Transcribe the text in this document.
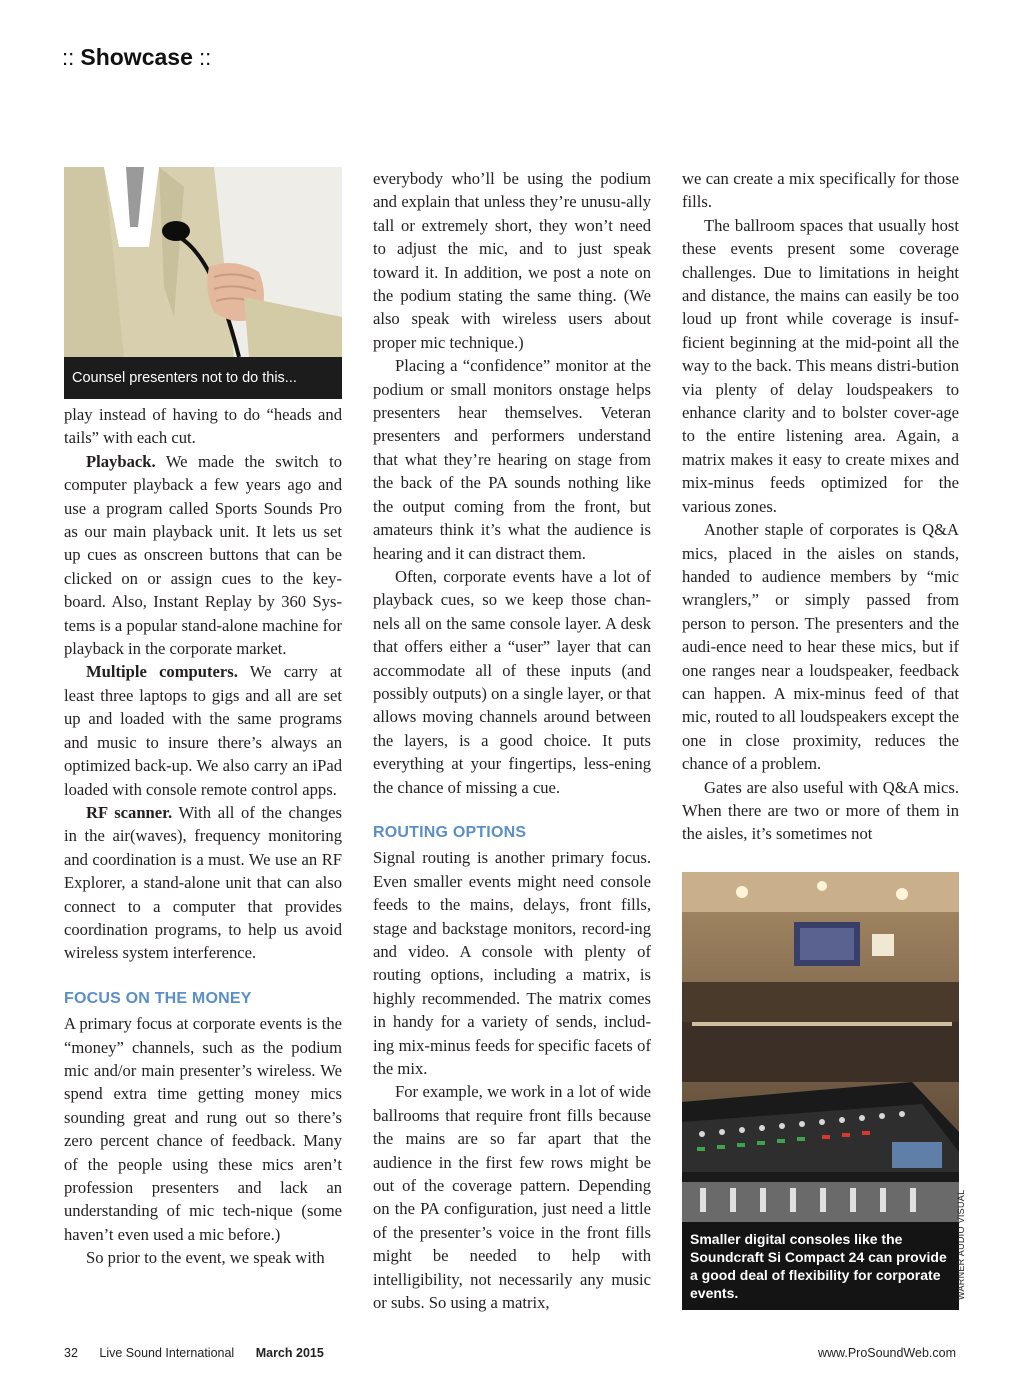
:: Showcase ::
Counsel presenters not to do this...

play instead of having to do “heads and tails” with each cut.

Playback. We made the switch to computer playback a few years ago and use a program called Sports Sounds Pro as our main playback unit. It lets us set up cues as onscreen buttons that can be clicked on or assign cues to the key-board. Also, Instant Replay by 360 Sys-tems is a popular stand-alone machine for playback in the corporate market.

Multiple computers. We carry at least three laptops to gigs and all are set up and loaded with the same programs and music to insure there’s always an optimized back-up. We also carry an iPad loaded with console remote control apps.

RF scanner. With all of the changes in the air(waves), frequency monitoring and coordination is a must. We use an RF Explorer, a stand-alone unit that can also connect to a computer that provides coordination programs, to help us avoid wireless system interference.

FOCUS ON THE MONEY

A primary focus at corporate events is the “money” channels, such as the podium mic and/or main presenter’s wireless. We spend extra time getting money mics sounding great and rung out so there’s zero percent chance of feedback. Many of the people using these mics aren’t profession presenters and lack an understanding of mic tech-nique (some haven’t even used a mic before.)

So prior to the event, we speak with

everybody who’ll be using the podium and explain that unless they’re unusu-ally tall or extremely short, they won’t need to adjust the mic, and to just speak toward it. In addition, we post a note on the podium stating the same thing. (We also speak with wireless users about proper mic technique.)

Placing a “confidence” monitor at the podium or small monitors onstage helps presenters hear themselves. Veteran presenters and performers understand that what they’re hearing on stage from the back of the PA sounds nothing like the output coming from the front, but amateurs think it’s what the audience is hearing and it can distract them.

Often, corporate events have a lot of playback cues, so we keep those chan-nels all on the same console layer. A desk that offers either a “user” layer that can accommodate all of these inputs (and possibly outputs) on a single layer, or that allows moving channels around between the layers, is a good choice. It puts everything at your fingertips, less-ening the chance of missing a cue.

ROUTING OPTIONS

Signal routing is another primary focus. Even smaller events might need console feeds to the mains, delays, front fills, stage and backstage monitors, record-ing and video. A console with plenty of routing options, including a matrix, is highly recommended. The matrix comes in handy for a variety of sends, includ-ing mix-minus feeds for specific facets of the mix.

For example, we work in a lot of wide ballrooms that require front fills because the mains are so far apart that the audience in the first few rows might be out of the coverage pattern. Depending on the PA configuration, just need a little of the presenter’s voice in the front fills might be needed to help with intelligibility, not necessarily any music or subs. So using a matrix,

we can create a mix specifically for those fills.

The ballroom spaces that usually host these events present some coverage challenges. Due to limitations in height and distance, the mains can easily be too loud up front while coverage is insuf-ficient beginning at the mid-point all the way to the back. This means distri-bution via plenty of delay loudspeakers to enhance clarity and to bolster cover-age to the entire listening area. Again, a matrix makes it easy to create mixes and mix-minus feeds optimized for the various zones.

Another staple of corporates is Q&A mics, placed in the aisles on stands, handed to audience members by “mic wranglers,” or simply passed from person to person. The presenters and the audi-ence need to hear these mics, but if one ranges near a loudspeaker, feedback can happen. A mix-minus feed of that mic, routed to all loudspeakers except the one in close proximity, reduces the chance of a problem.

Gates are also useful with Q&A mics. When there are two or more of them in the aisles, it’s sometimes not

Smaller digital consoles like the Soundcraft Si Compact 24 can provide a good deal of flexibility for corporate events.	WARNER AUDIO VISUAL
32 Live Sound International March 2015	www.ProSoundWeb.com
